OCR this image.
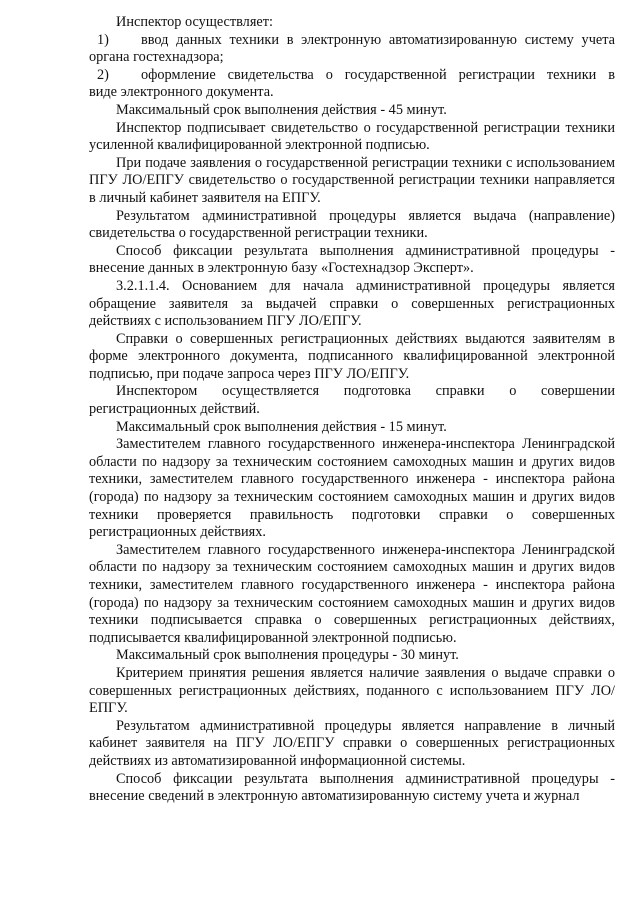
Инспектор осуществляет:

1)	ввод данных техники в электронную автоматизированную систему учета

органа гостехнадзора;

2)	оформление свидетельства о государственной регистрации техники в

виде электронного документа.

Максимальный срок выполнения действия - 45 минут.

Инспектор подписывает свидетельство о государственной регистрации техники усиленной квалифицированной электронной подписью.

При подаче заявления о государственной регистрации техники с использованием ПГУ ЛО/ЕПГУ свидетельство о государственной регистрации техники направляется в личный кабинет заявителя на ЕПГУ.

Результатом административной процедуры является выдача (направление) свидетельства о государственной регистрации техники.

Способ фиксации результата выполнения административной процедуры - внесение данных в электронную базу «Гостехнадзор Эксперт».

3.2.1.1.4. Основанием для начала административной процедуры является обращение заявителя за выдачей справки о совершенных регистрационных действиях с использованием ПГУ ЛО/ЕПГУ.

Справки о совершенных регистрационных действиях выдаются заявителям в форме электронного документа, подписанного квалифицированной электронной подписью, при подаче запроса через ПГУ ЛО/ЕПГУ.

Инспектором осуществляется подготовка справки о совершении регистрационных действий.

Максимальный срок выполнения действия - 15 минут.

Заместителем главного государственного инженера-инспектора Ленинградской области по надзору за техническим состоянием самоходных машин и других видов техники, заместителем главного государственного инженера - инспектора района (города) по надзору за техническим состоянием самоходных машин и других видов техники проверяется правильность подготовки справки о совершенных регистрационных действиях.

Заместителем главного государственного инженера-инспектора Ленинградской области по надзору за техническим состоянием самоходных машин и других видов техники, заместителем главного государственного инженера - инспектора района (города) по надзору за техническим состоянием самоходных машин и других видов техники подписывается справка о совершенных регистрационных действиях, подписывается квалифицированной электронной подписью.

Максимальный срок выполнения процедуры - 30 минут.

Критерием принятия решения является наличие заявления о выдаче справки о совершенных регистрационных действиях, поданного с использованием ПГУ ЛО/ЕПГУ.

Результатом административной процедуры является направление в личный кабинет заявителя на ПГУ ЛО/ЕПГУ справки о совершенных регистрационных действиях из автоматизированной информационной системы.

Способ фиксации результата выполнения административной процедуры - внесение сведений в электронную автоматизированную систему учета и журнал
